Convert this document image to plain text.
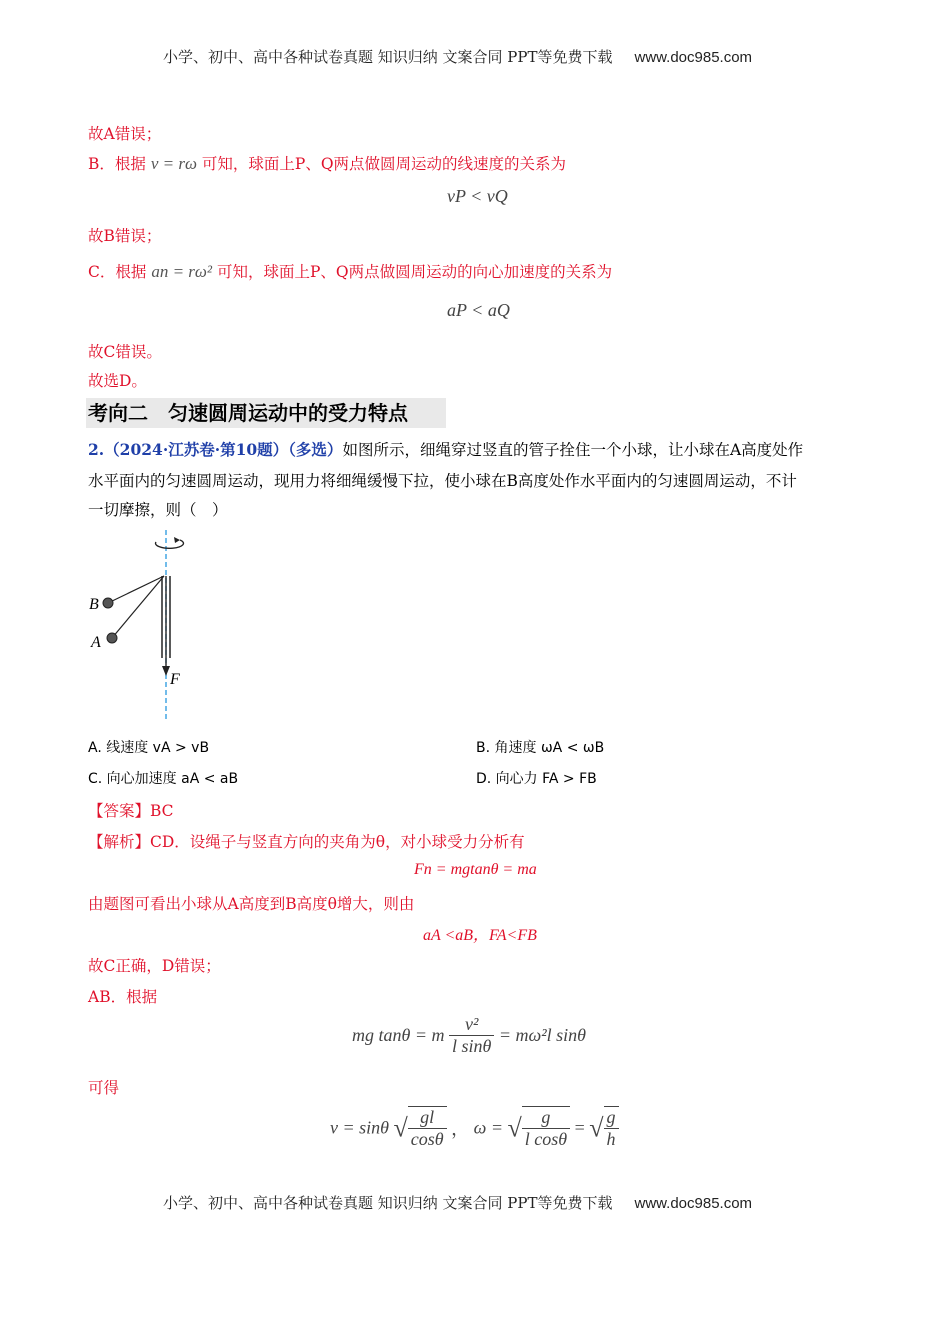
小学、初中、高中各种试卷真题 知识归纳 文案合同 PPT等免费下载 www.doc985.com
故A错误；
B．根据 v = rω 可知，球面上P、Q两点做圆周运动的线速度的关系为
vP < vQ
故B错误；
C．根据 an = rω² 可知，球面上P、Q两点做圆周运动的向心加速度的关系为
aP < aQ
故C错误。
故选D。
考向二　匀速圆周运动中的受力特点
2.（2024·江苏卷·第10题）（多选）如图所示，细绳穿过竖直的管子拴住一个小球，让小球在A高度处作
水平面内的匀速圆周运动，现用力将细绳缓慢下拉，使小球在B高度处作水平面内的匀速圆周运动，不计
一切摩擦，则（　）
B
A
F
A. 线速度 vA > vB	B. 角速度 ωA < ωB
C. 向心加速度 aA < aB	D. 向心力 FA > FB
【答案】BC
【解析】CD．设绳子与竖直方向的夹角为θ，对小球受力分析有
Fn = mgtanθ = ma
由题图可看出小球从A高度到B高度θ增大，则由
aA <aB，FA<FB
故C正确，D错误；
AB．根据
mg tanθ = m $\frac{\text{v²}}{\text{l sinθ}} = m\omega^2l$ sinθ
可得
v = sinθ √ $\frac{gl}{\cos\theta}$ ， ω = √ $\frac{g}{\text{l cosθ}}$ = √ $\frac{g}{h}$
小学、初中、高中各种试卷真题 知识归纳 文案合同 PPT等免费下载 www.doc985.com
